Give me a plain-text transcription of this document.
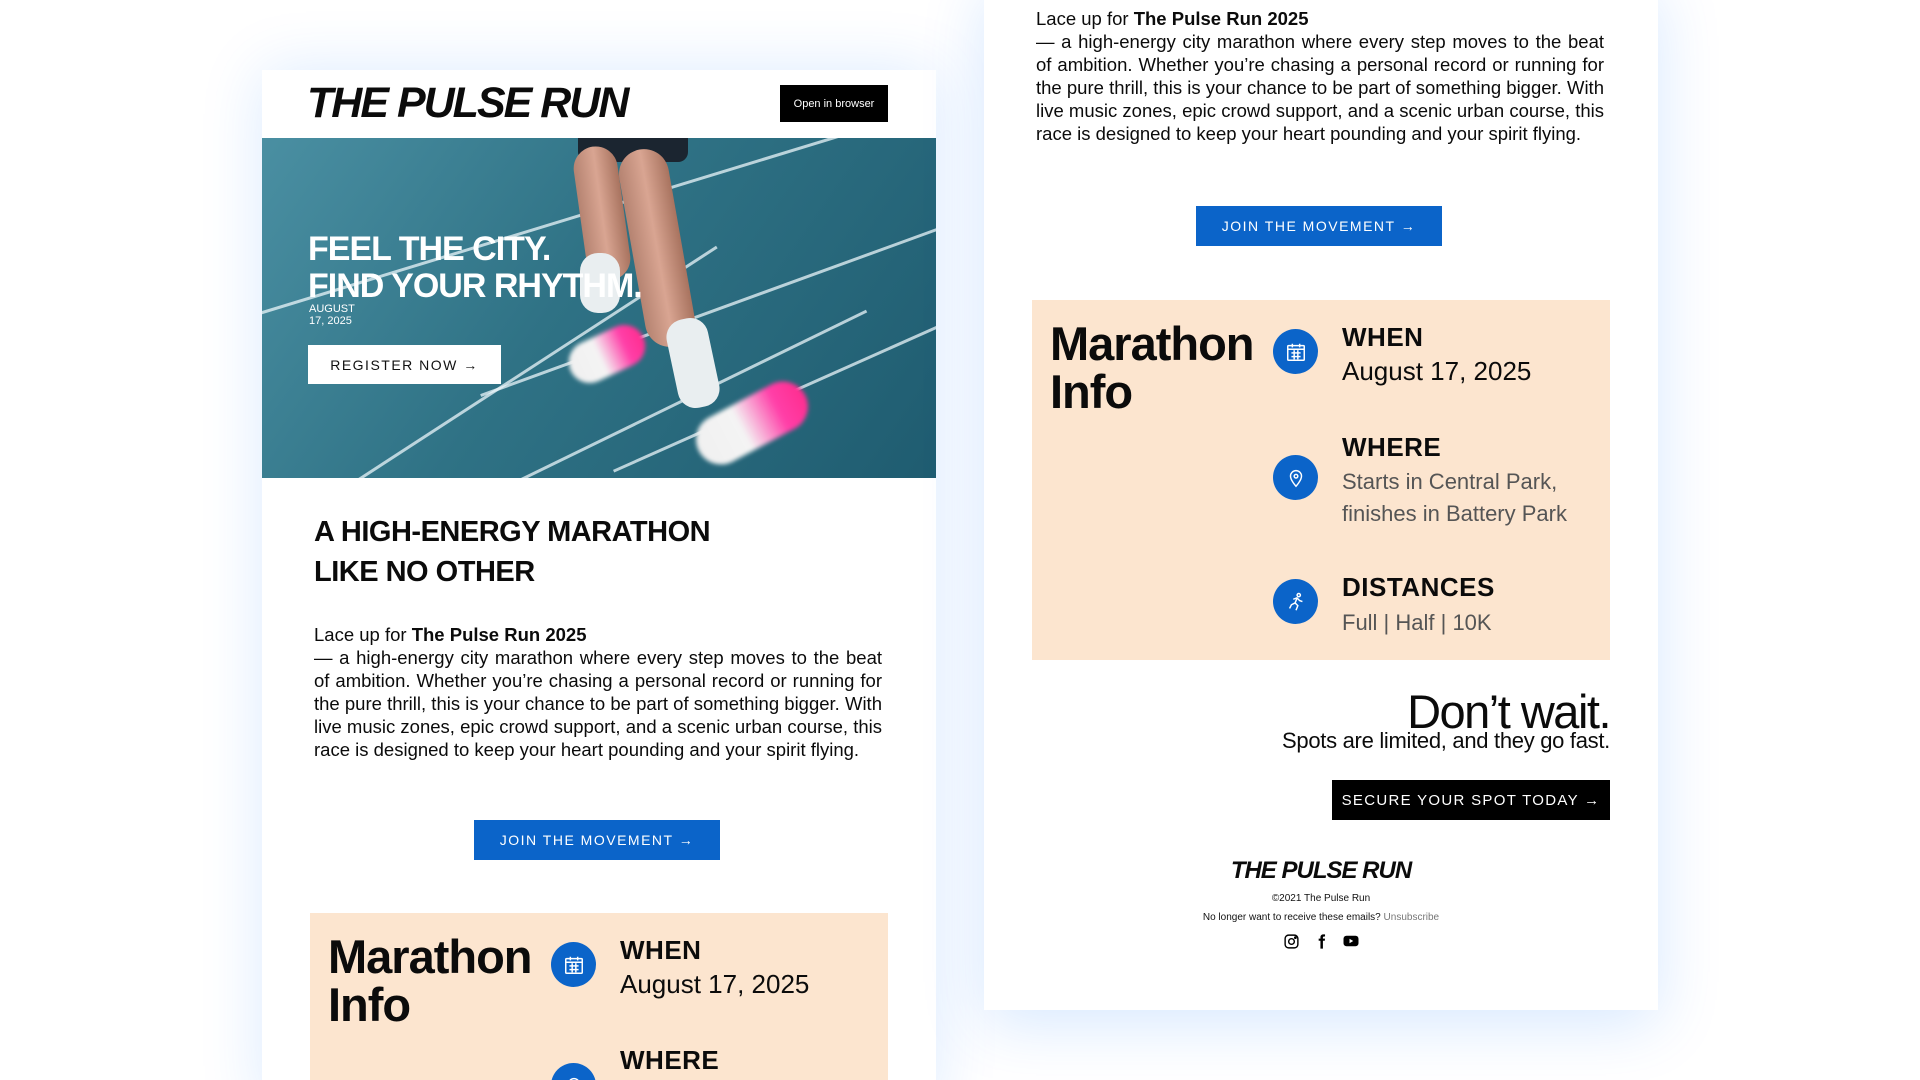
THE PULSE RUN	Open in browser
FEEL THE CITY.
FIND YOUR RHYTHM.
AUGUST
17, 2025
REGISTER NOW →
A HIGH-ENERGY MARATHON
LIKE NO OTHER
Lace up for The Pulse Run 2025
— a high-energy city marathon where every step moves to the beat of ambition. Whether you’re chasing a personal record or running for the pure thrill, this is your chance to be part of something bigger. With live music zones, epic crowd support, and a scenic urban course, this race is designed to keep your heart pounding and your spirit flying.
JOIN THE MOVEMENT →
Marathon
Info
WHEN
August 17, 2025
WHERE
Lace up for The Pulse Run 2025
— a high-energy city marathon where every step moves to the beat of ambition. Whether you’re chasing a personal record or running for the pure thrill, this is your chance to be part of something bigger. With live music zones, epic crowd support, and a scenic urban course, this race is designed to keep your heart pounding and your spirit flying.
JOIN THE MOVEMENT →
Marathon
Info
WHEN
August 17, 2025
WHERE
Starts in Central Park,
finishes in Battery Park
DISTANCES
Full | Half | 10K
Don’t wait.
Spots are limited, and they go fast.
SECURE YOUR SPOT TODAY →
THE PULSE RUN
©2021 The Pulse Run
No longer want to receive these emails? Unsubscribe
